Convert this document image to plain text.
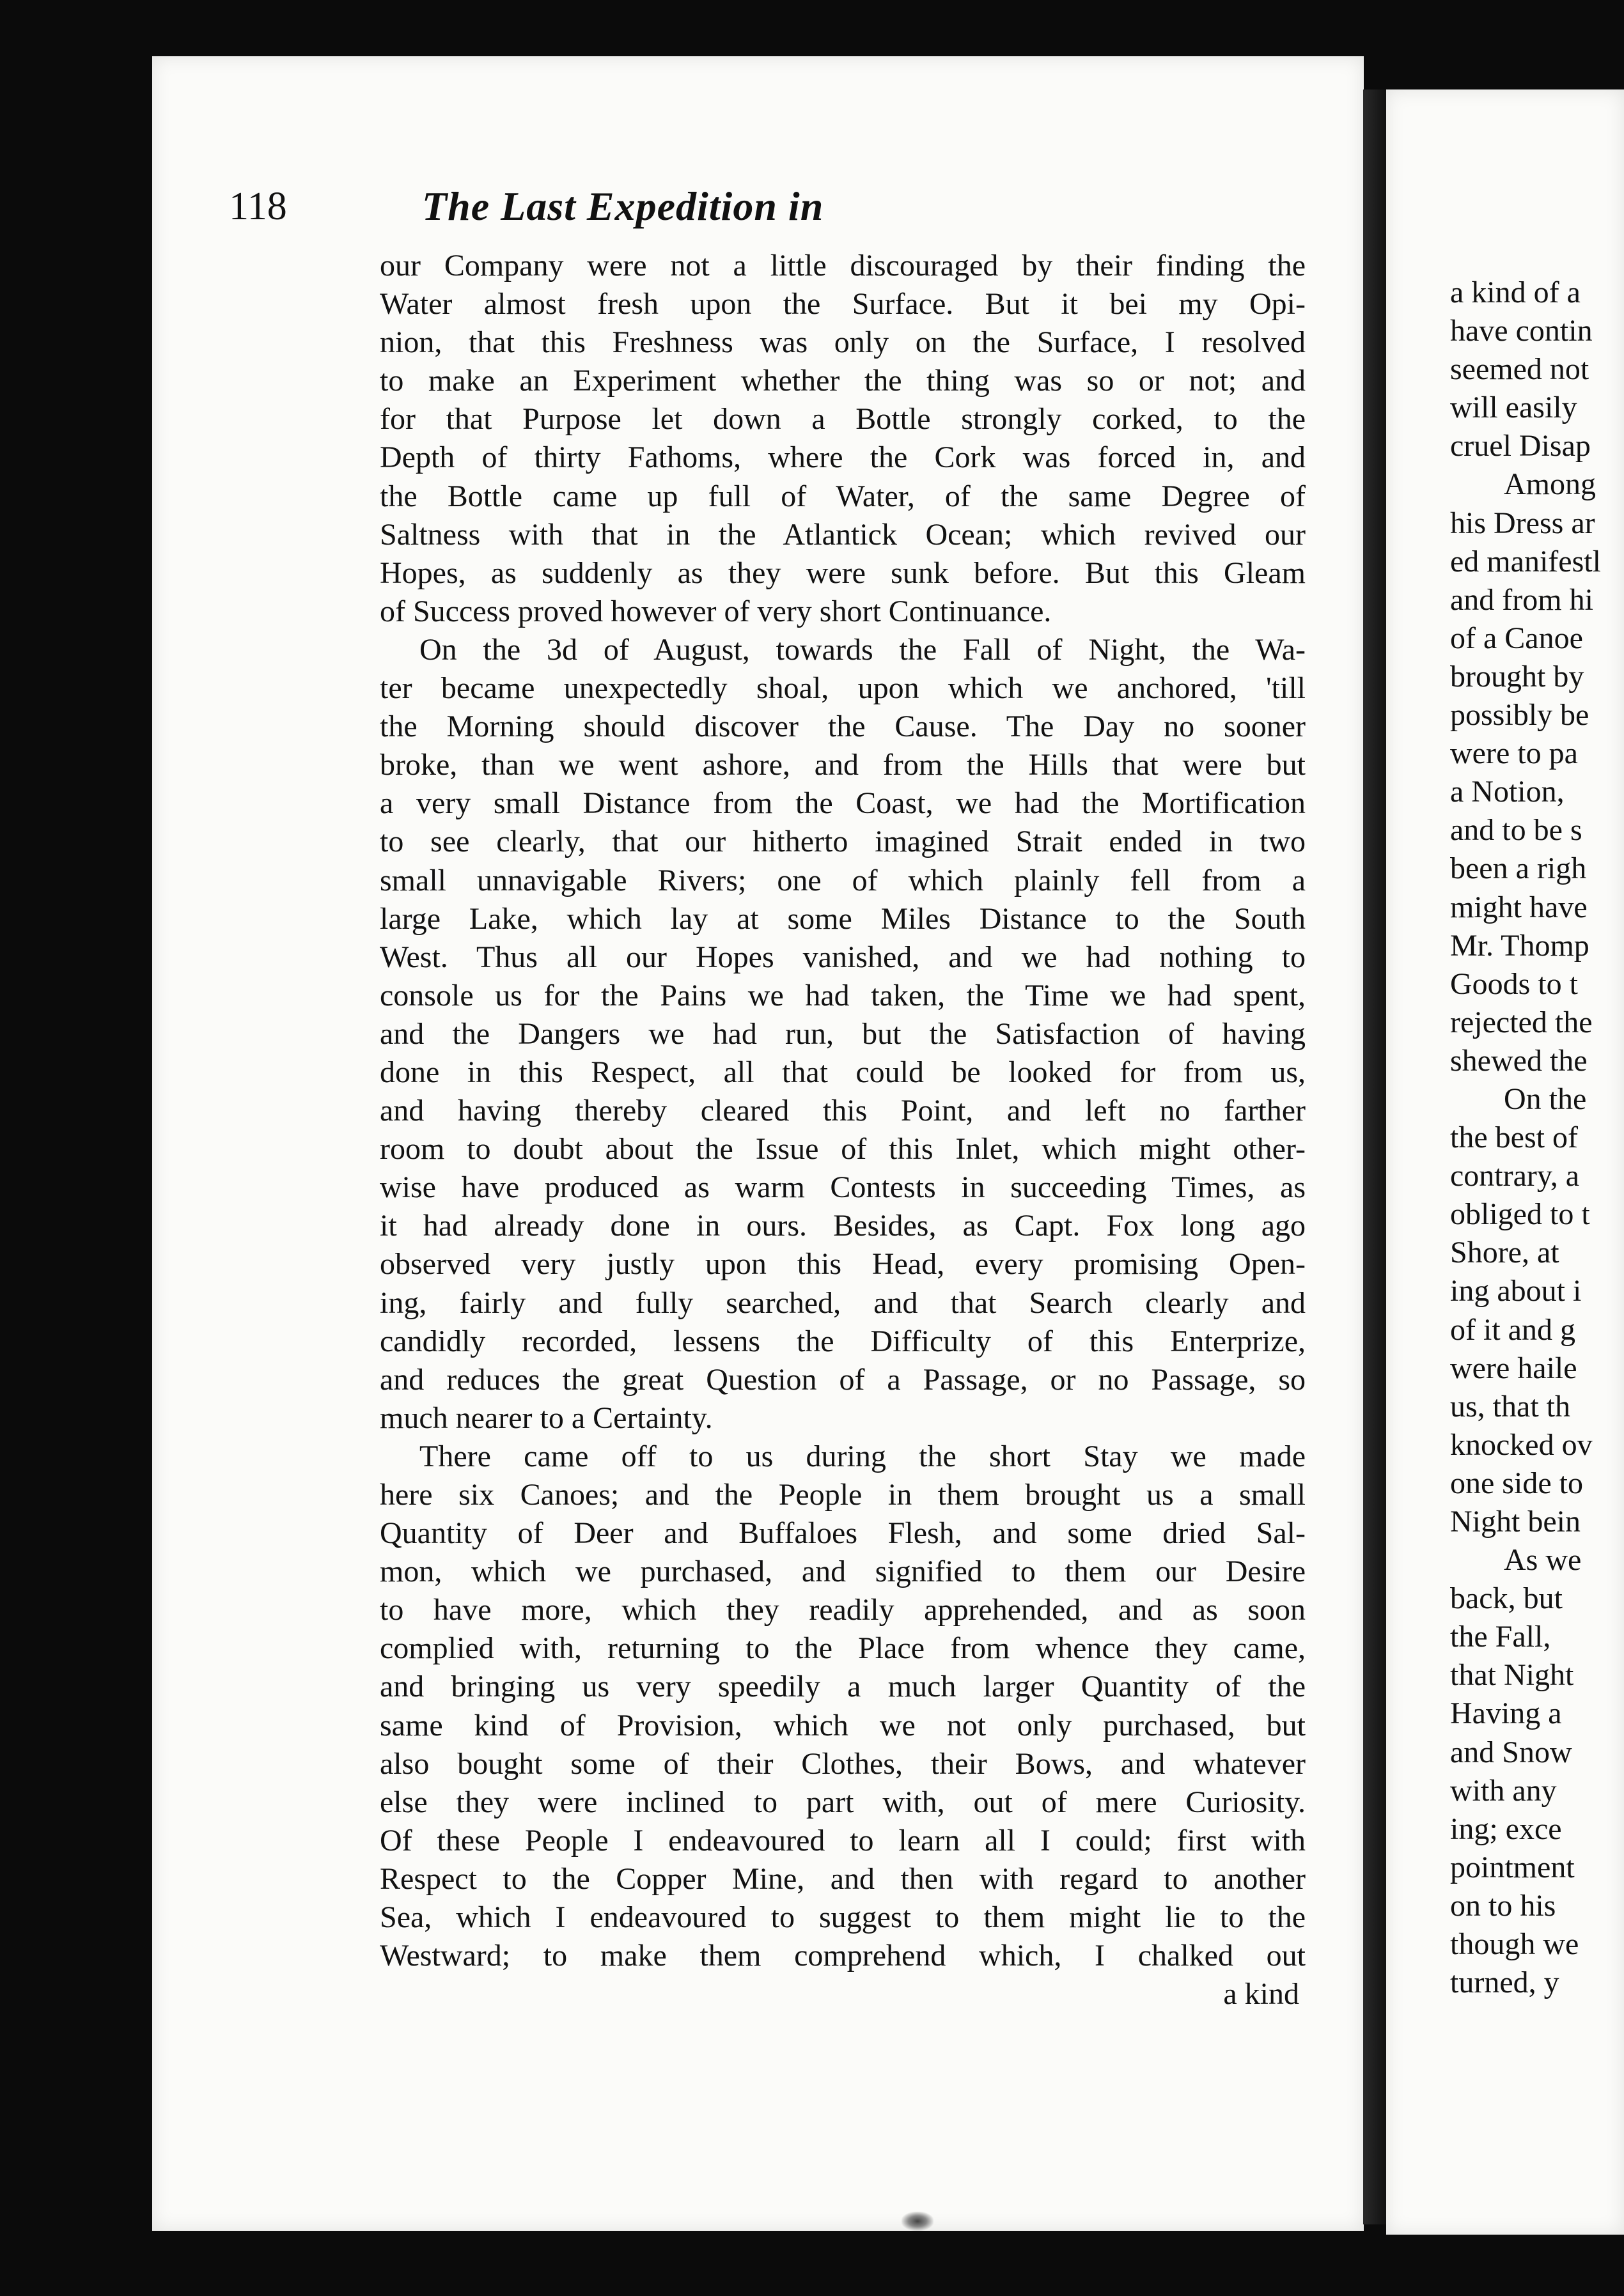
118	The Last Expedition in
our Company were not a little discouraged by their finding the
Water almost fresh upon the Surface. But it bei my Opi-
nion, that this Freshness was only on the Surface, I resolved
to make an Experiment whether the thing was so or not; and
for that Purpose let down a Bottle strongly corked, to the
Depth of thirty Fathoms, where the Cork was forced in, and
the Bottle came up full of Water, of the same Degree of
Saltness with that in the Atlantick Ocean; which revived our
Hopes, as suddenly as they were sunk before. But this Gleam
of Success proved however of very short Continuance.
On the 3d of August, towards the Fall of Night, the Wa-
ter became unexpectedly shoal, upon which we anchored, 'till
the Morning should discover the Cause. The Day no sooner
broke, than we went ashore, and from the Hills that were but
a very small Distance from the Coast, we had the Mortification
to see clearly, that our hitherto imagined Strait ended in two
small unnavigable Rivers; one of which plainly fell from a
large Lake, which lay at some Miles Distance to the South
West. Thus all our Hopes vanished, and we had nothing to
console us for the Pains we had taken, the Time we had spent,
and the Dangers we had run, but the Satisfaction of having
done in this Respect, all that could be looked for from us,
and having thereby cleared this Point, and left no farther
room to doubt about the Issue of this Inlet, which might other-
wise have produced as warm Contests in succeeding Times, as
it had already done in ours. Besides, as Capt. Fox long ago
observed very justly upon this Head, every promising Open-
ing, fairly and fully searched, and that Search clearly and
candidly recorded, lessens the Difficulty of this Enterprize,
and reduces the great Question of a Passage, or no Passage, so
much nearer to a Certainty.
There came off to us during the short Stay we made
here six Canoes; and the People in them brought us a small
Quantity of Deer and Buffaloes Flesh, and some dried Sal-
mon, which we purchased, and signified to them our Desire
to have more, which they readily apprehended, and as soon
complied with, returning to the Place from whence they came,
and bringing us very speedily a much larger Quantity of the
same kind of Provision, which we not only purchased, but
also bought some of their Clothes, their Bows, and whatever
else they were inclined to part with, out of mere Curiosity.
Of these People I endeavoured to learn all I could; first with
Respect to the Copper Mine, and then with regard to another
Sea, which I endeavoured to suggest to them might lie to the
Westward; to make them comprehend which, I chalked out
a kind
a kind of a
have contin
seemed not
will easily
cruel Disap
Among
his Dress ar
ed manifestl
and from hi
of a Canoe
brought by
possibly be
were to pa
a Notion,
and to be s
been a righ
might have
Mr. Thomp
Goods to t
rejected the
shewed the
On the
the best of
contrary, a
obliged to t
Shore, at
ing about i
of it and g
were haile
us, that th
knocked ov
one side to
Night bein
As we
back, but
the Fall,
that Night
Having a
and Snow
with any
ing; exce
pointment
on to his
though we
turned, y
